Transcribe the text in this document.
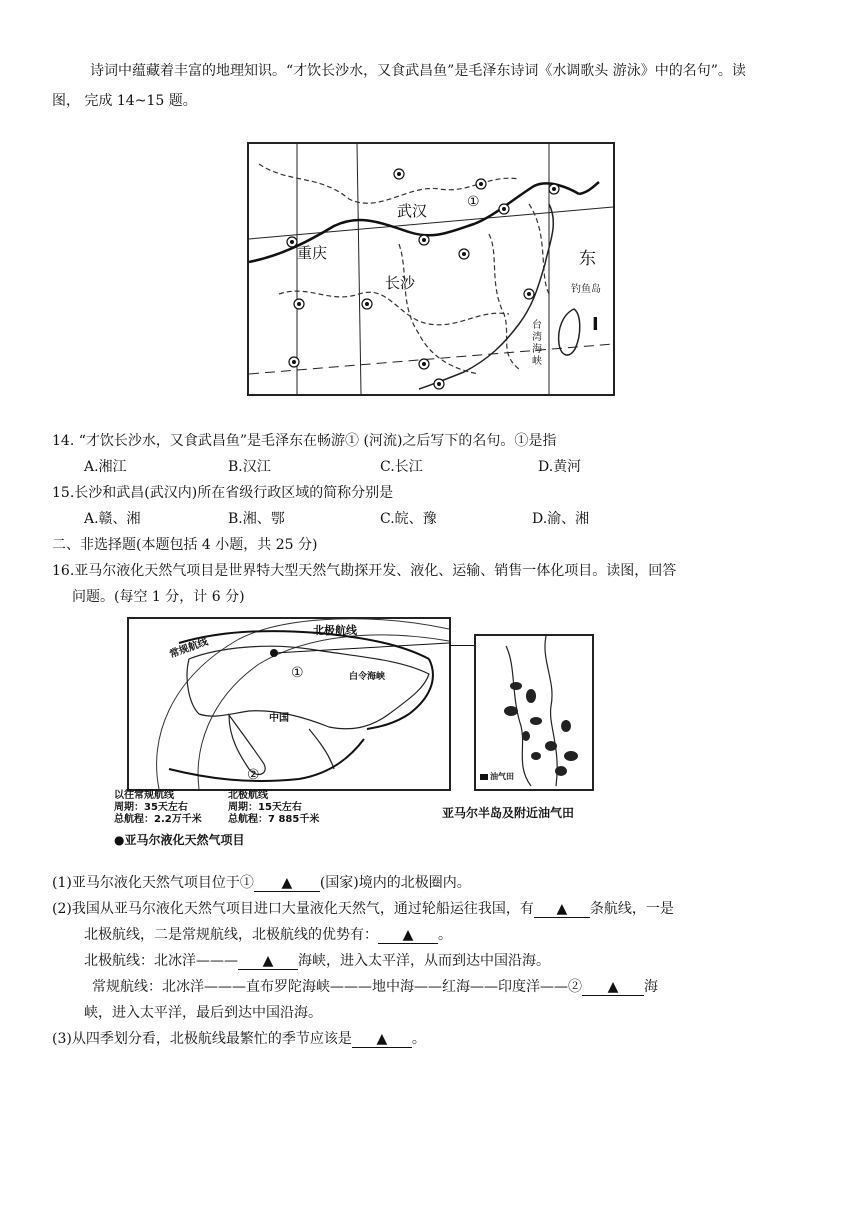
诗词中蕴藏着丰富的地理知识。“才饮长沙水，又食武昌鱼”是毛泽东诗词《水调歌头 游泳》中的名句”。读
图， 完成 14~15 题。
武汉
重庆
长沙
①
东
钓鱼岛
台湾海峡
I
14. “才饮长沙水，又食武昌鱼”是毛泽东在畅游① (河流)之后写下的名句。①是指
A.湘江	B.汉江	C.长江	D.黄河
15.长沙和武昌(武汉内)所在省级行政区域的简称分别是
A.赣、湘	B.湘、鄂	C.皖、豫	D.渝、湘
二、非选择题(本题包括 4 小题，共 25 分)
16.亚马尔液化天然气项目是世界特大型天然气勘探开发、液化、运输、销售一体化项目。读图，回答
问题。(每空 1 分，计 6 分)
常规航线
北极航线
①
②
中国
白令海峡
以往常规航线
周期：35天左右
总航程：2.2万千米
北极航线
周期：15天左右
总航程：7 885千米
●亚马尔液化天然气项目
油气田
亚马尔半岛及附近油气田
(1)亚马尔液化天然气项目位于① ▲ (国家)境内的北极圈内。
(2)我国从亚马尔液化天然气项目进口大量液化天然气，通过轮船运往我国，有 ▲ 条航线，一是
北极航线，二是常规航线，北极航线的优势有： ▲ 。
北极航线：北冰洋——— ▲ 海峡，进入太平洋，从而到达中国沿海。
常规航线：北冰洋———直布罗陀海峡———地中海——红海——印度洋——② ▲ 海
峡，进入太平洋，最后到达中国沿海。
(3)从四季划分看，北极航线最繁忙的季节应该是 ▲ 。
